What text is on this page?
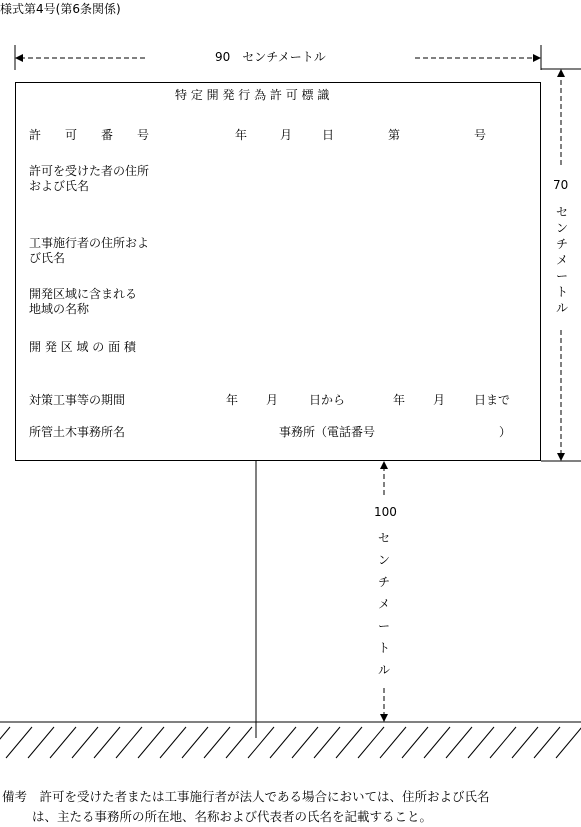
様式第4号(第6条関係)
90　センチメートル
70
セ
ン
チ
メ
ー
ト
ル
100
セ
ン
チ
メ
ー
ト
ル
特 定 開 発 行 為 許 可 標 識
許　　可　　番　　号	年	月 日	第	号
許可を受けた者の住所
および氏名
工事施行者の住所およ
び氏名
開発区域に含まれる
地域の名称
開 発 区 域 の 面 積
対策工事等の期間	年 月	日から	年 月 日まで
所管土木事務所名	事務所（電話番号	）
備考　許可を受けた者または工事施行者が法人である場合においては、住所および氏名
は、主たる事務所の所在地、名称および代表者の氏名を記載すること。
